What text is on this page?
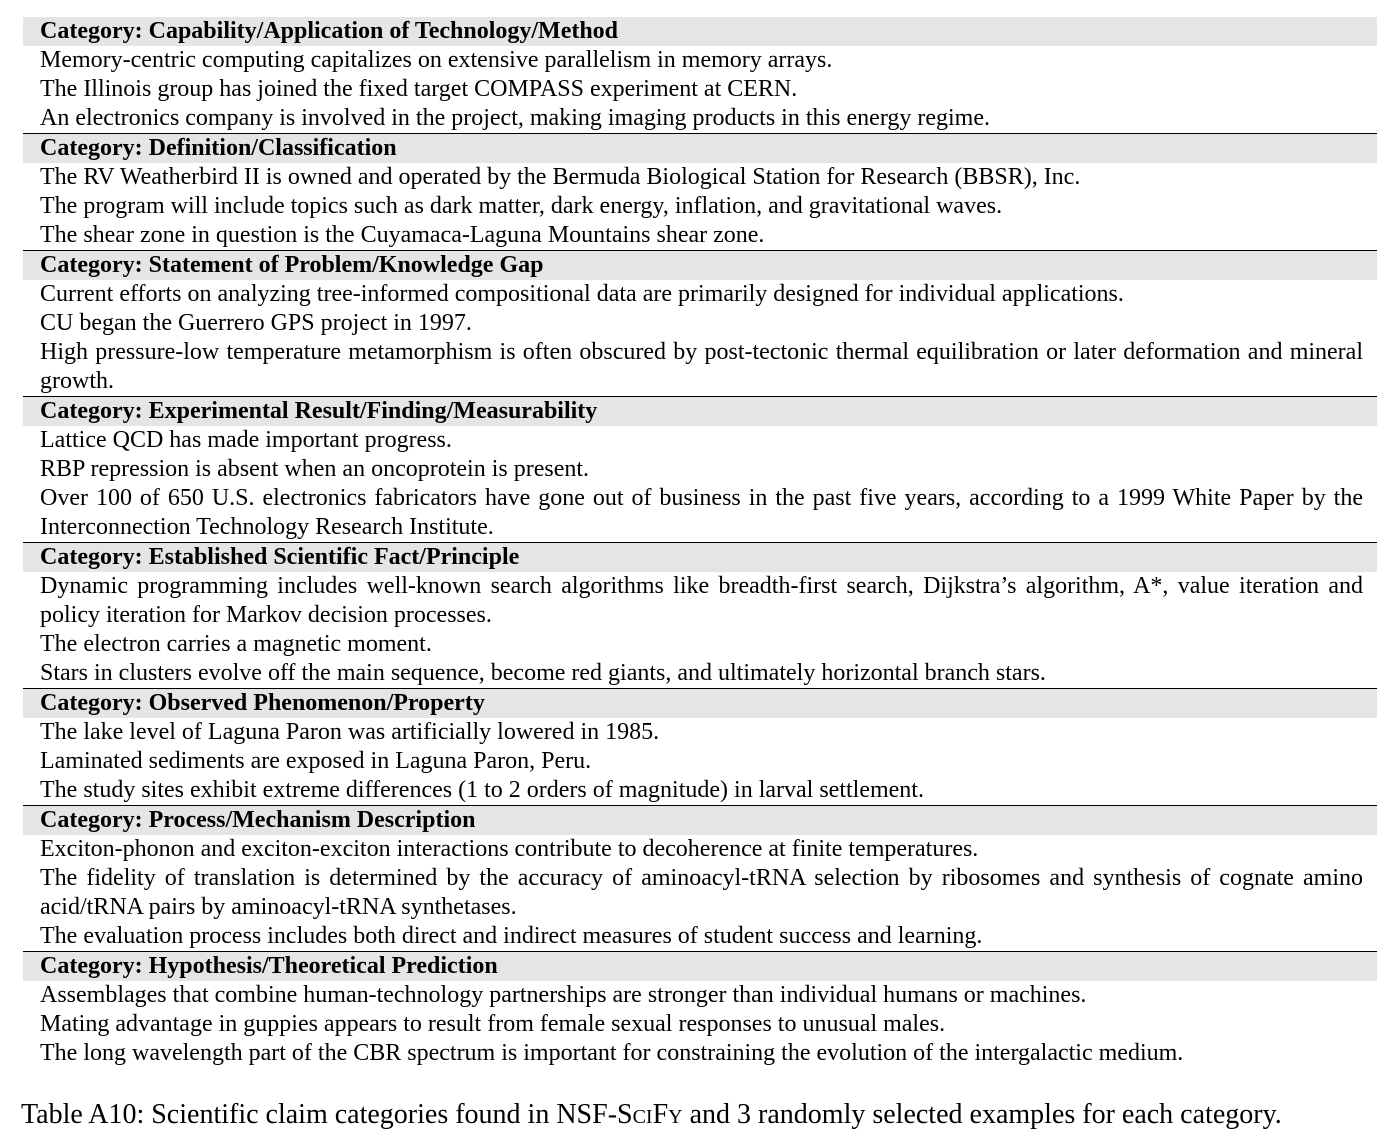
Category: Capability/Application of Technology/Method
Memory-centric computing capitalizes on extensive parallelism in memory arrays.
The Illinois group has joined the fixed target COMPASS experiment at CERN.
An electronics company is involved in the project, making imaging products in this energy regime.
Category: Definition/Classification
The RV Weatherbird II is owned and operated by the Bermuda Biological Station for Research (BBSR), Inc.
The program will include topics such as dark matter, dark energy, inflation, and gravitational waves.
The shear zone in question is the Cuyamaca-Laguna Mountains shear zone.
Category: Statement of Problem/Knowledge Gap
Current efforts on analyzing tree-informed compositional data are primarily designed for individual applications.
CU began the Guerrero GPS project in 1997.
High pressure-low temperature metamorphism is often obscured by post-tectonic thermal equilibration or later deformation and mineral growth.
Category: Experimental Result/Finding/Measurability
Lattice QCD has made important progress.
RBP repression is absent when an oncoprotein is present.
Over 100 of 650 U.S. electronics fabricators have gone out of business in the past five years, according to a 1999 White Paper by the Interconnection Technology Research Institute.
Category: Established Scientific Fact/Principle
Dynamic programming includes well-known search algorithms like breadth-first search, Dijkstra’s algorithm, A*, value iteration and policy iteration for Markov decision processes.
The electron carries a magnetic moment.
Stars in clusters evolve off the main sequence, become red giants, and ultimately horizontal branch stars.
Category: Observed Phenomenon/Property
The lake level of Laguna Paron was artificially lowered in 1985.
Laminated sediments are exposed in Laguna Paron, Peru.
The study sites exhibit extreme differences (1 to 2 orders of magnitude) in larval settlement.
Category: Process/Mechanism Description
Exciton-phonon and exciton-exciton interactions contribute to decoherence at finite temperatures.
The fidelity of translation is determined by the accuracy of aminoacyl-tRNA selection by ribosomes and synthesis of cognate amino acid/tRNA pairs by aminoacyl-tRNA synthetases.
The evaluation process includes both direct and indirect measures of student success and learning.
Category: Hypothesis/Theoretical Prediction
Assemblages that combine human-technology partnerships are stronger than individual humans or machines.
Mating advantage in guppies appears to result from female sexual responses to unusual males.
The long wavelength part of the CBR spectrum is important for constraining the evolution of the intergalactic medium.
Table A10: Scientific claim categories found in NSF-SciFy and 3 randomly selected examples for each category.
